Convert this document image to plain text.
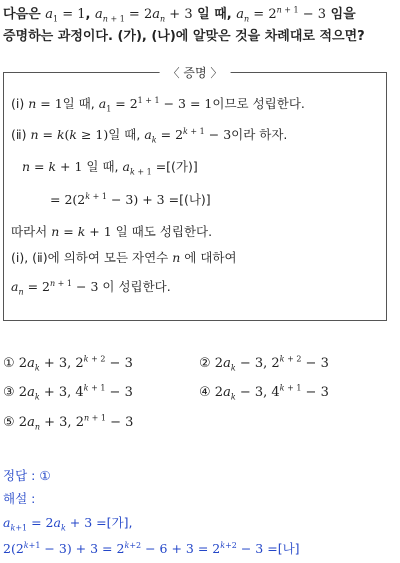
다음은 $a_1 = 1$, $a_n$ $_{+ 1} = 2a_n + 3$ 일 때, $a_n = 2^{n + 1} - 3$ 임을
증명하는 과정이다. (가), (나)에 알맞은 것을 차례대로 적으면?
〈 증명 〉
(ⅰ) n = 1일 때, $a_1 = 2^{1 + 1} - 3 = 1$이므로 성립한다.
(ⅱ) n = k(k ≥ 1)일 때, $a_k = 2^{k + 1} - 3$이라 하자.
n = k + 1 일 때, $a_k$ $_{+ 1}$ =[(가)]
= $2(2^{k + 1} - 3) + 3$ =[(나)]
따라서 n = k + 1 일 때도 성립한다.
(ⅰ), (ⅱ)에 의하여 모든 자연수 n 에 대하여
$a_n = 2^{n + 1} - 3$ 이 성립한다.
① $2a_k + 3$, $2^{k + 2} - 3$	② $2a_k - 3$, $2^{k + 2} - 3$
③ $2a_k + 3$, $4^{k + 1} - 3$	④ $2a_k - 3$, $4^{k + 1} - 3$
⑤ $2a_n + 3$, $2^{n + 1} - 3$
정답 : ①
해설 :
$a_{k+1} = 2a_k + 3$ =[가],
$2(2^{k+1} - 3) + 3 = 2^{k+2} - 6 + 3 = 2^{k+2} - 3$ =[나]
